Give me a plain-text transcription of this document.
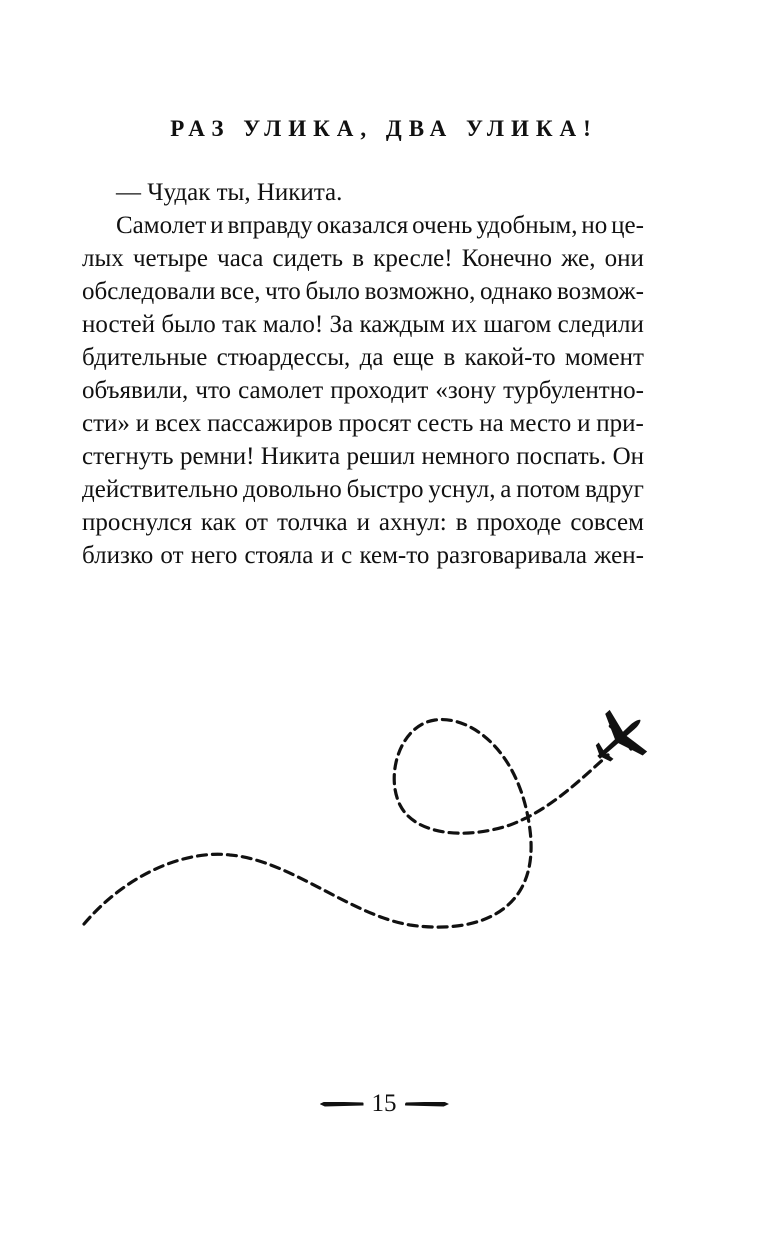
РАЗ УЛИКА, ДВА УЛИКА!
— Чудак ты, Никита.
Самолет и вправду оказался очень удобным, но це-
лых четыре часа сидеть в кресле! Конечно же, они
обследовали все, что было возможно, однако возмож-
ностей было так мало! За каждым их шагом следили
бдительные стюардессы, да еще в какой-то момент
объявили, что самолет проходит «зону турбулентно-
сти» и всех пассажиров просят сесть на место и при-
стегнуть ремни! Никита решил немного поспать. Он
действительно довольно быстро уснул, а потом вдруг
проснулся как от толчка и ахнул: в проходе совсем
близко от него стояла и с кем-то разговаривала жен-
15
